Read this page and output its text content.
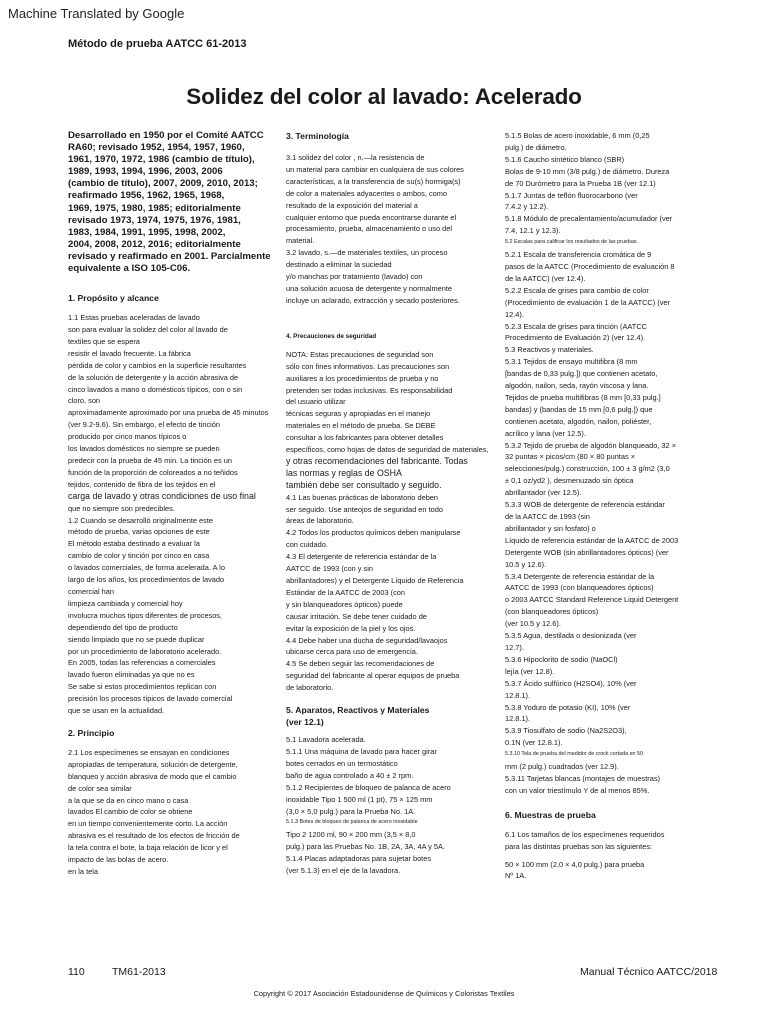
Machine Translated by Google
Método de prueba AATCC 61-2013
Solidez del color al lavado: Acelerado
Desarrollado en 1950 por el Comité AATCC
RA60; revisado 1952, 1954, 1957, 1960,
1961, 1970, 1972, 1986 (cambio de título),
1989, 1993, 1994, 1996, 2003, 2006
(cambio de título), 2007, 2009, 2010, 2013;
reafirmado 1956, 1962, 1965, 1968,
1969, 1975, 1980, 1985; editorialmente
revisado 1973, 1974, 1975, 1976, 1981,
1983, 1984, 1991, 1995, 1998, 2002,
2004, 2008, 2012, 2016; editorialmente
revisado y reafirmado en 2001. Parcialmente
equivalente a ISO 105-C06.
1. Propósito y alcance
1.1 Estas pruebas aceleradas de lavado
son para evaluar la solidez del color al lavado de
textiles que se espera
resistir el lavado frecuente. La fábrica
pérdida de color y cambios en la superficie resultantes
de la solución de detergente y la acción abrasiva de
cinco lavados a mano o domésticos típicos, con o sin
cloro, son
aproximadamente aproximado por una prueba de 45 minutos
(ver 9.2-9.6). Sin embargo, el efecto de tinción
producido por cinco manos típicos o
los lavados domésticos no siempre se pueden
predecir con la prueba de 45 min. La tinción es un
función de la proporción de coloreados a no teñidos
tejidos, contenido de fibra de los tejidos en el
carga de lavado y otras condiciones de uso final
que no siempre son predecibles.
1.2 Cuando se desarrolló originalmente este
método de prueba, varias opciones de este
El método estaba destinado a evaluar la
cambio de color y tinción por cinco en casa
o lavados comerciales, de forma acelerada. A lo
largo de los años, los procedimientos de lavado
comercial han
limpieza cambiada y comercial hoy
involucra muchos tipos diferentes de procesos,
dependiendo del tipo de producto
siendo limpiado que no se puede duplicar
por un procedimiento de laboratorio acelerado.
En 2005, todas las referencias a comerciales
lavado fueron eliminadas ya que no es
Se sabe si estos procedimientos replican con
precisión los procesos típicos de lavado comercial
que se usan en la actualidad.
2. Principio
2.1 Los especímenes se ensayan en condiciones
apropiadas de temperatura, solución de detergente,
blanqueo y acción abrasiva de modo que el cambio
de color sea similar
a la que se da en cinco mano o casa
lavados El cambio de color se obtiene
en un tiempo convenientemente corto. La acción
abrasiva es el resultado de los efectos de fricción de
la tela contra el bote, la baja relación de licor y el
impacto de las bolas de acero.
en la tela
3. Terminología
3.1 solidez del color , n.—la resistencia de
un material para cambiar en cualquiera de sus colores
características, a la transferencia de su(s) hormiga(s)
de color a materiales adyacentes o ambos, como
resultado de la exposición del material a
cualquier entorno que pueda encontrarse durante el
procesamiento, prueba, almacenamiento o uso del
material.
3.2 lavado, s.—de materiales textiles, un proceso
destinado a eliminar la suciedad
y/o manchas por tratamiento (lavado) con
una solución acuosa de detergente y normalmente
incluye un aclarado, extracción y secado posteriores.
4. Precauciones de seguridad
NOTA: Estas precauciones de seguridad son
sólo con fines informativos. Las precauciones son
auxiliares a los procedimientos de prueba y no
pretenden ser todas inclusivas. Es responsabilidad
del usuario utilizar
técnicas seguras y apropiadas en el manejo
materiales en el método de prueba. Se DEBE
consultar a los fabricantes para obtener detalles
específicos, como hojas de datos de seguridad de materiales,
y otras recomendaciones del fabricante. Todas
las normas y reglas de OSHA
también debe ser consultado y seguido.
4.1 Las buenas prácticas de laboratorio deben
ser seguido. Use anteojos de seguridad en todo
áreas de laboratorio.
4.2 Todos los productos químicos deben manipularse
con cuidado.
4.3 El detergente de referencia estándar de la
AATCC de 1993 (con y sin
abrillantadores) y el Detergente Líquido de Referencia
Estándar de la AATCC de 2003 (con
y sin blanqueadores ópticos) puede
causar irritación. Se debe tener cuidado de
evitar la exposición de la piel y los ojos.
4.4 Debe haber una ducha de seguridad/lavaojos
ubicarse cerca para uso de emergencia.
4.5 Se deben seguir las recomendaciones de
seguridad del fabricante al operar equipos de prueba
de laboratorio.
5. Aparatos, Reactivos y Materiales
(ver 12.1)
5.1 Lavadora acelerada.
5.1.1 Una máquina de lavado para hacer girar
botes cerrados en un termostático
baño de agua controlado a 40 ± 2 rpm.
5.1.2 Recipientes de bloqueo de palanca de acero
inoxidable Tipo 1 500 ml (1 pt), 75 × 125 mm
(3,0 × 5,0 pulg.) para la Prueba No. 1A.
5.1.3 Botes de bloqueo de palanca de acero inoxidable
Tipo 2 1200 ml, 90 × 200 mm (3,5 × 8,0
pulg.) para las Pruebas No. 1B, 2A, 3A, 4A y 5A.
5.1.4 Placas adaptadoras para sujetar botes
(ver 5.1.3) en el eje de la lavadora.
5.1.5 Bolas de acero inoxidable, 6 mm (0,25
pulg.) de diámetro.
5.1.6 Caucho sintético blanco (SBR)
Bolas de 9-10 mm (3/8 pulg.) de diámetro. Dureza
de 70 Durómetro para la Prueba 1B (ver 12.1)
5.1.7 Juntas de teflón fluorocarbono (ver
7.4.2 y 12.2).
5.1.8 Módulo de precalentamiento/acumulador (ver
7.4, 12.1 y 12.3).
5.2 Escalas para calificar los resultados de las pruebas.
5.2.1 Escala de transferencia cromática de 9
pasos de la AATCC (Procedimiento de evaluación 8
de la AATCC) (ver 12.4).
5.2.2 Escala de grises para cambio de color
(Procedimiento de evaluación 1 de la AATCC) (ver
12.4).
5.2.3 Escala de grises para tinción (AATCC
Procedimiento de Evaluación 2) (ver 12.4).
5.3 Reactivos y materiales.
5.3.1 Tejidos de ensayo multifibra (8 mm
[bandas de 0,33 pulg.]) que contienen acetato,
algodón, nailon, seda, rayón viscosa y lana.
Tejidos de prueba multifibras (8 mm [0,33 pulg.]
bandas) y (bandas de 15 mm [0,6 pulg.]) que
contienen acetato, algodón, nailon, poliéster,
acrílico y lana (ver 12.5).
5.3.2 Tejido de prueba de algodón blanqueado, 32 ×
32 puntas × picos/cm (80 × 80 puntas ×
selecciones/pulg.) construcción, 100 ± 3 g/m2 (3,0
± 0,1 oz/yd2 ), desmenuzado sin óptica
abrillantador (ver 12.5).
5.3.3 WOB de detergente de referencia estándar
de la AATCC de 1993 (sin
abrillantador y sin fosfato) o
Líquido de referencia estándar de la AATCC de 2003
Detergente WOB (sin abrillantadores ópticos) (ver
10.5 y 12.6).
5.3.4 Detergente de referencia estándar de la
AATCC de 1993 (con blanqueadores ópticos)
o 2003 AATCC Standard Reference Liquid Detergent
(con blanqueadores ópticos)
(ver 10.5 y 12.6).
5.3.5 Agua, destilada o desionizada (ver
12.7).
5.3.6 Hipoclorito de sodio (NaOCl)
lejía (ver 12.8).
5.3.7 Ácido sulfúrico (H2SO4), 10% (ver
12.8.1).
5.3.8 Yoduro de potasio (KI), 10% (ver
12.8.1).
5.3.9 Tiosulfato de sodio (Na2S2O3),
0.1N (ver 12.8.1).
5.3.10 Tela de prueba del medidor de crock cortada en 50
mm (2 pulg.) cuadrados (ver 12.9).
5.3.11 Tarjetas blancas (montajes de muestras)
con un valor triestímulo Y de al menos 85%.
6. Muestras de prueba
6.1 Los tamaños de los especímenes requeridos
para las distintas pruebas son las siguientes:
50 × 100 mm (2,0 × 4,0 pulg.) para prueba
Nº 1A.
110	TM61-2013	Manual Técnico AATCC/2018
Copyright © 2017 Asociación Estadounidense de Químicos y Coloristas Textiles
